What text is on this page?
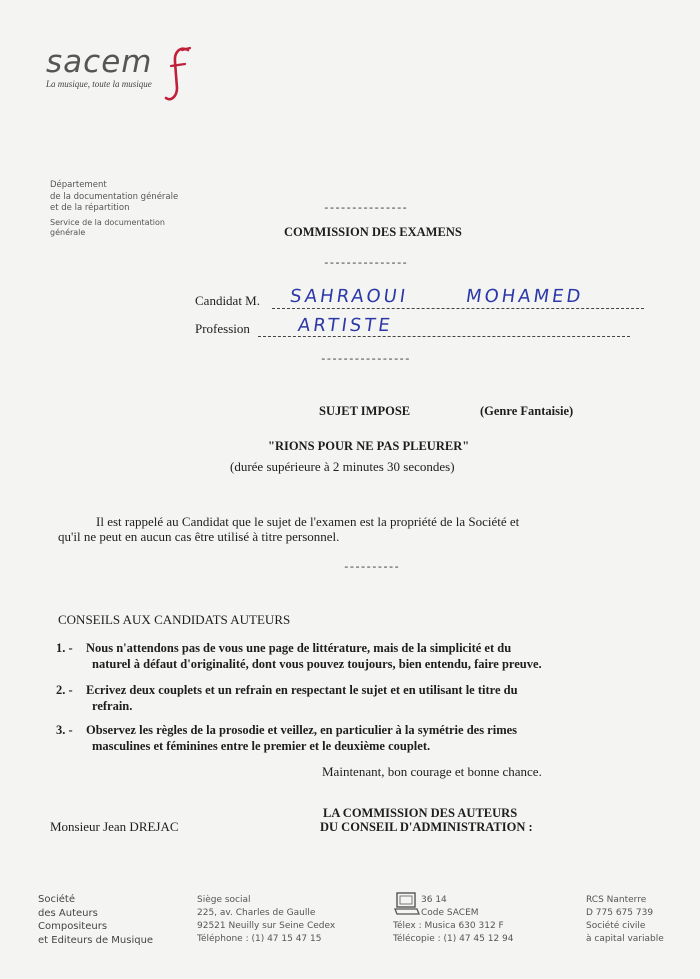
sacem
La musique, toute la musique
Département
de la documentation générale
et de la répartition
Service de la documentation
générale
---------------
COMMISSION DES EXAMENS
---------------
Candidat M. SAHRAOUI	MOHAMED
Profession	ARTISTE
----------------
SUJET IMPOSE	(Genre Fantaisie)
"RIONS POUR NE PAS PLEURER"
(durée supérieure à 2 minutes 30 secondes)
Il est rappelé au Candidat que le sujet de l'examen est la propriété de la Société et
qu'il ne peut en aucun cas être utilisé à titre personnel.
----------
CONSEILS AUX CANDIDATS AUTEURS
1. - Nous n'attendons pas de vous une page de littérature, mais de la simplicité et du
naturel à défaut d'originalité, dont vous pouvez toujours, bien entendu, faire preuve.
2. - Ecrivez deux couplets et un refrain en respectant le sujet et en utilisant le titre du
refrain.
3. - Observez les règles de la prosodie et veillez, en particulier à la symétrie des rimes
masculines et féminines entre le premier et le deuxième couplet.
Maintenant, bon courage et bonne chance.
LA COMMISSION DES AUTEURS
DU CONSEIL D'ADMINISTRATION :
Monsieur Jean DREJAC
Société
des Auteurs
Compositeurs
et Editeurs de Musique
Siège social
225, av. Charles de Gaulle
92521 Neuilly sur Seine Cedex
Téléphone : (1) 47 15 47 15
36 14
Code SACEM
Télex : Musica 630 312 F
Télécopie : (1) 47 45 12 94
RCS Nanterre
D 775 675 739
Société civile
à capital variable
